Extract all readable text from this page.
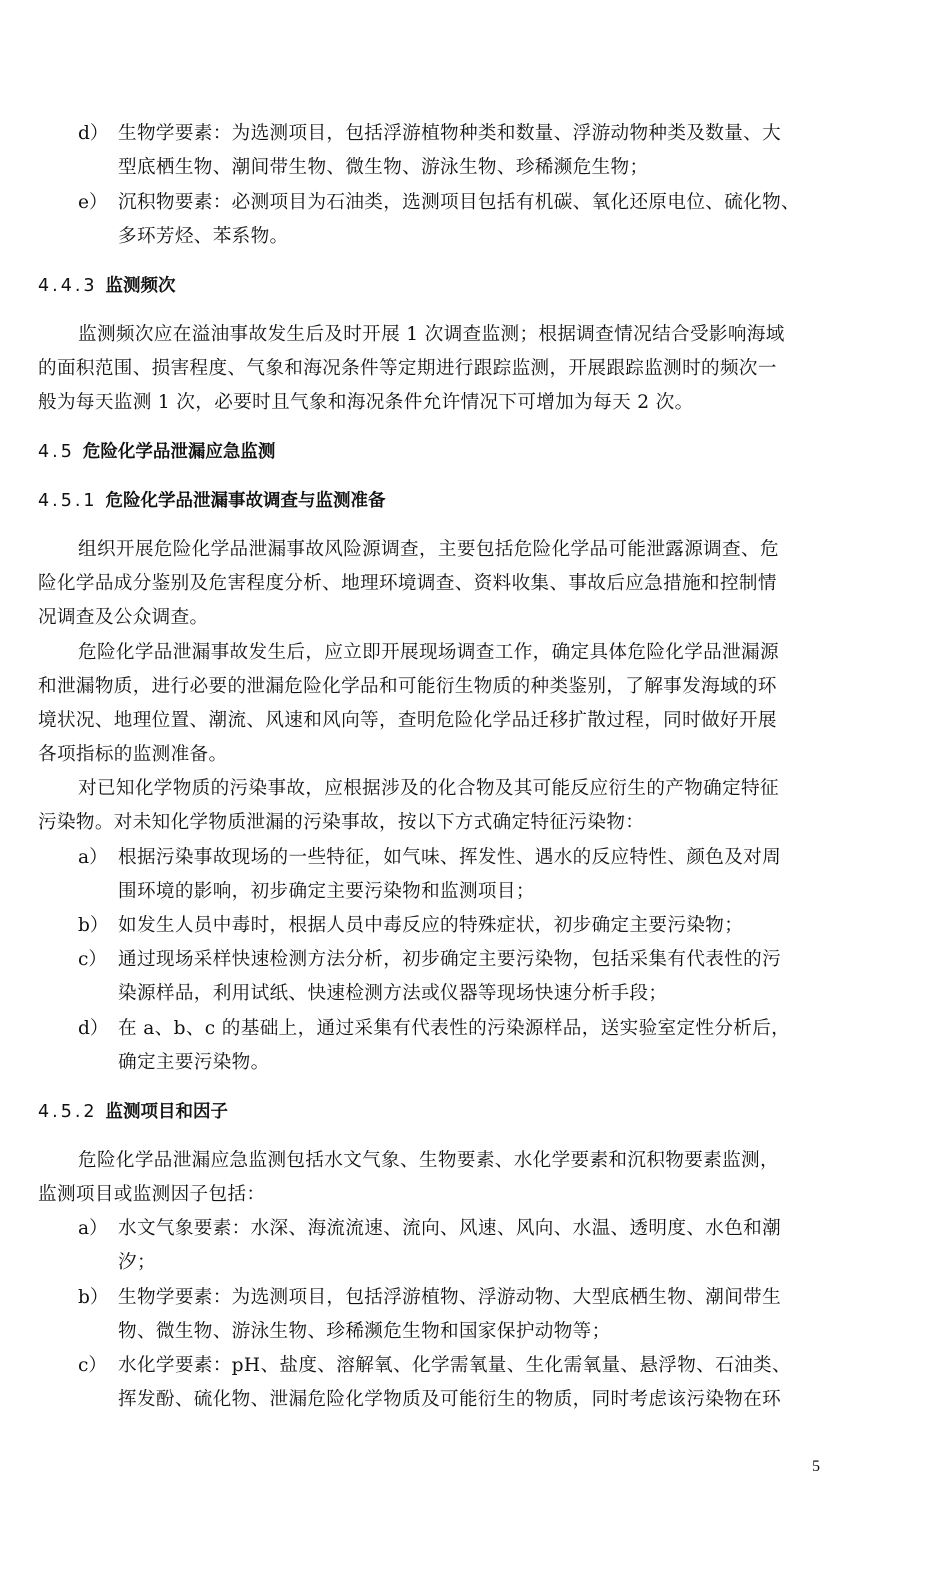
d） 生物学要素：为选测项目，包括浮游植物种类和数量、浮游动物种类及数量、大
型底栖生物、潮间带生物、微生物、游泳生物、珍稀濒危生物；
e） 沉积物要素：必测项目为石油类，选测项目包括有机碳、氧化还原电位、硫化物、
多环芳烃、苯系物。
4.4.3 监测频次
监测频次应在溢油事故发生后及时开展 1 次调查监测；根据调查情况结合受影响海域
的面积范围、损害程度、气象和海况条件等定期进行跟踪监测，开展跟踪监测时的频次一
般为每天监测 1 次，必要时且气象和海况条件允许情况下可增加为每天 2 次。
4.5 危险化学品泄漏应急监测
4.5.1 危险化学品泄漏事故调查与监测准备
组织开展危险化学品泄漏事故风险源调查，主要包括危险化学品可能泄露源调查、危
险化学品成分鉴别及危害程度分析、地理环境调查、资料收集、事故后应急措施和控制情
况调查及公众调查。
危险化学品泄漏事故发生后，应立即开展现场调查工作，确定具体危险化学品泄漏源
和泄漏物质，进行必要的泄漏危险化学品和可能衍生物质的种类鉴别，了解事发海域的环
境状况、地理位置、潮流、风速和风向等，查明危险化学品迁移扩散过程，同时做好开展
各项指标的监测准备。
对已知化学物质的污染事故，应根据涉及的化合物及其可能反应衍生的产物确定特征
污染物。对未知化学物质泄漏的污染事故，按以下方式确定特征污染物：
a） 根据污染事故现场的一些特征，如气味、挥发性、遇水的反应特性、颜色及对周
围环境的影响，初步确定主要污染物和监测项目；
b） 如发生人员中毒时，根据人员中毒反应的特殊症状，初步确定主要污染物；
c） 通过现场采样快速检测方法分析，初步确定主要污染物，包括采集有代表性的污
染源样品，利用试纸、快速检测方法或仪器等现场快速分析手段；
d） 在 a、b、c 的基础上，通过采集有代表性的污染源样品，送实验室定性分析后，
确定主要污染物。
4.5.2 监测项目和因子
危险化学品泄漏应急监测包括水文气象、生物要素、水化学要素和沉积物要素监测，
监测项目或监测因子包括：
a） 水文气象要素：水深、海流流速、流向、风速、风向、水温、透明度、水色和潮
汐；
b） 生物学要素：为选测项目，包括浮游植物、浮游动物、大型底栖生物、潮间带生
物、微生物、游泳生物、珍稀濒危生物和国家保护动物等；
c） 水化学要素：pH、盐度、溶解氧、化学需氧量、生化需氧量、悬浮物、石油类、
挥发酚、硫化物、泄漏危险化学物质及可能衍生的物质，同时考虑该污染物在环
5
